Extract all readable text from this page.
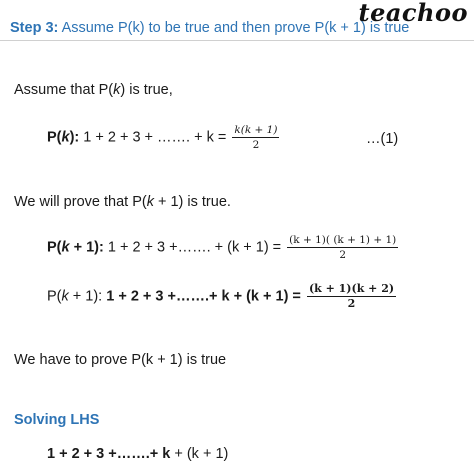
teachoo
Step 3: Assume P(k) to be true and then prove P(k + 1) is true
Assume that P(k) is true,
P(k): 1 + 2 + 3 + ……. + $k = \frac{k(k + 1)}{2}$	…(1)
We will prove that P(k + 1) is true.
P(k + 1): 1 + 2 + 3 +……. + $(k + 1) = \frac{(k + 1)( (k + 1) + 1)}{2}$
P(k + 1): 1 + 2 + 3 +…….+ $k + (k + 1) = \frac{(k + 1)(k + 2)}{2}$
We have to prove P(k + 1) is true
Solving LHS
1 + 2 + 3 +…….+ k + (k + 1)
